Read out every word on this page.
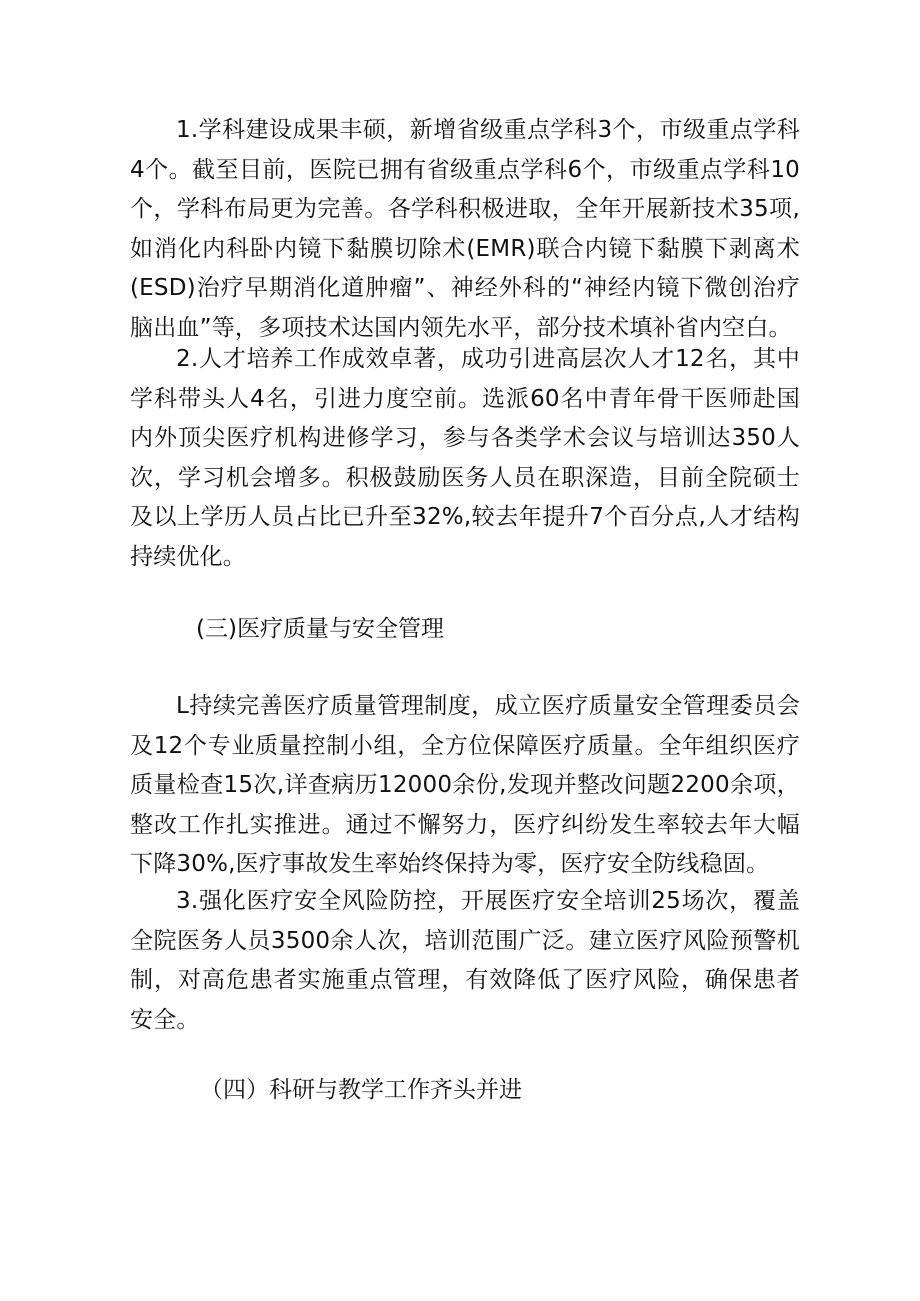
1.学科建设成果丰硕，新增省级重点学科3个，市级重点学科4个。截至目前，医院已拥有省级重点学科6个，市级重点学科10个，学科布局更为完善。各学科积极进取，全年开展新技术35项,如消化内科卧内镜下黏膜切除术(EMR)联合内镜下黏膜下剥离术(ESD)治疗早期消化道肿瘤”、神经外科的“神经内镜下微创治疗脑出血”等，多项技术达国内领先水平，部分技术填补省内空白。

2.人才培养工作成效卓著，成功引进高层次人才12名，其中学科带头人4名，引进力度空前。选派60名中青年骨干医师赴国内外顶尖医疗机构进修学习，参与各类学术会议与培训达350人次，学习机会增多。积极鼓励医务人员在职深造，目前全院硕士及以上学历人员占比已升至32%,较去年提升7个百分点,人才结构持续优化。

(三)医疗质量与安全管理

L持续完善医疗质量管理制度，成立医疗质量安全管理委员会及12个专业质量控制小组，全方位保障医疗质量。全年组织医疗质量检查15次,详查病历12000余份,发现并整改问题2200余项，整改工作扎实推进。通过不懈努力，医疗纠纷发生率较去年大幅下降30%,医疗事故发生率始终保持为零，医疗安全防线稳固。

3.强化医疗安全风险防控，开展医疗安全培训25场次，覆盖全院医务人员3500余人次，培训范围广泛。建立医疗风险预警机制，对高危患者实施重点管理，有效降低了医疗风险，确保患者安全。

（四）科研与教学工作齐头并进
